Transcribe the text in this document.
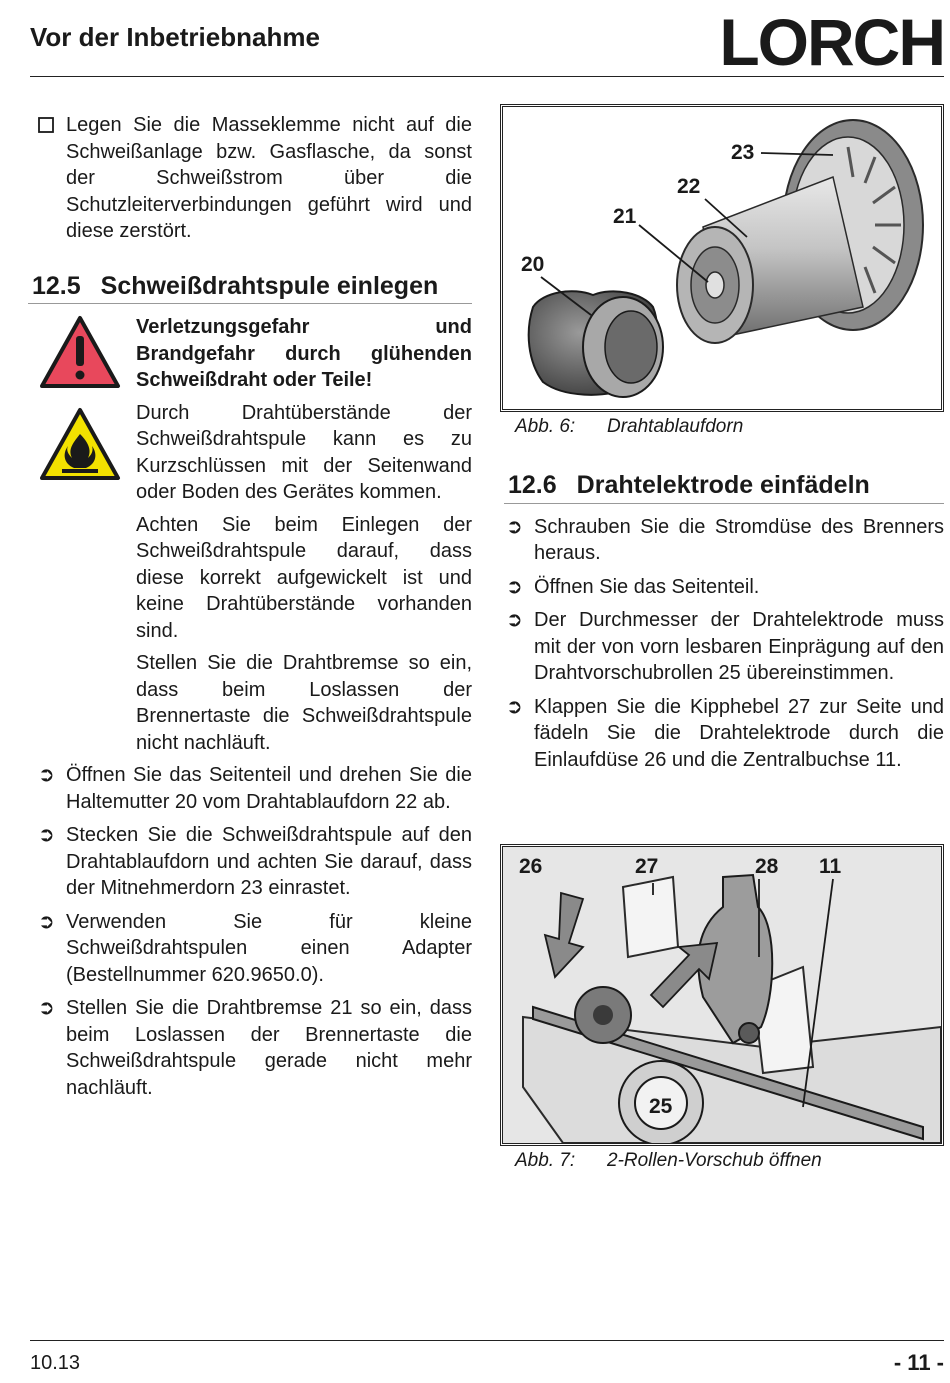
Vor der Inbetriebnahme	LORCH

Legen Sie die Masseklemme nicht auf die Schweißanlage bzw. Gasflasche, da sonst der Schweißstrom über die Schutzleiterverbindungen geführt wird und diese zerstört.

12.5 Schweißdrahtspule einlegen

Verletzungsgefahr und Brandgefahr durch glühenden Schweißdraht oder Teile!

Durch Drahtüberstände der Schweißdrahtspule kann es zu Kurzschlüssen mit der Seitenwand oder Boden des Gerätes kommen.

Achten Sie beim Einlegen der Schweißdrahtspule darauf, dass diese korrekt aufgewickelt ist und keine Drahtüberstände vorhanden sind.

Stellen Sie die Drahtbremse so ein, dass beim Loslassen der Brennertaste die Schweißdrahtspule nicht nachläuft.

➲ Öffnen Sie das Seitenteil und drehen Sie die Haltemutter 20 vom Drahtablaufdorn 22 ab.

➲ Stecken Sie die Schweißdrahtspule auf den Drahtablaufdorn und achten Sie darauf, dass der Mitnehmerdorn 23 einrastet.

➲ Verwenden Sie für kleine Schweißdrahtspulen einen Adapter (Bestellnummer 620.9650.0).

➲ Stellen Sie die Drahtbremse 21 so ein, dass beim Loslassen der Brennertaste die Schweißdrahtspule gerade nicht mehr nachläuft.

20
21
22
23
Abb. 6:	Drahtablaufdorn
12.6 Drahtelektrode einfädeln
➲ Schrauben Sie die Stromdüse des Brenners heraus.

➲ Öffnen Sie das Seitenteil.

➲ Der Durchmesser der Drahtelektrode muss mit der von vorn lesbaren Einprägung auf den Drahtvorschubrollen 25 übereinstimmen.

➲ Klappen Sie die Kipphebel 27 zur Seite und fädeln Sie die Drahtelektrode durch die Einlaufdüse 26 und die Zentralbuchse 11.

26	27	28 11
25
Abb. 7:	2-Rollen-Vorschub öffnen
10.13	- 11 -
